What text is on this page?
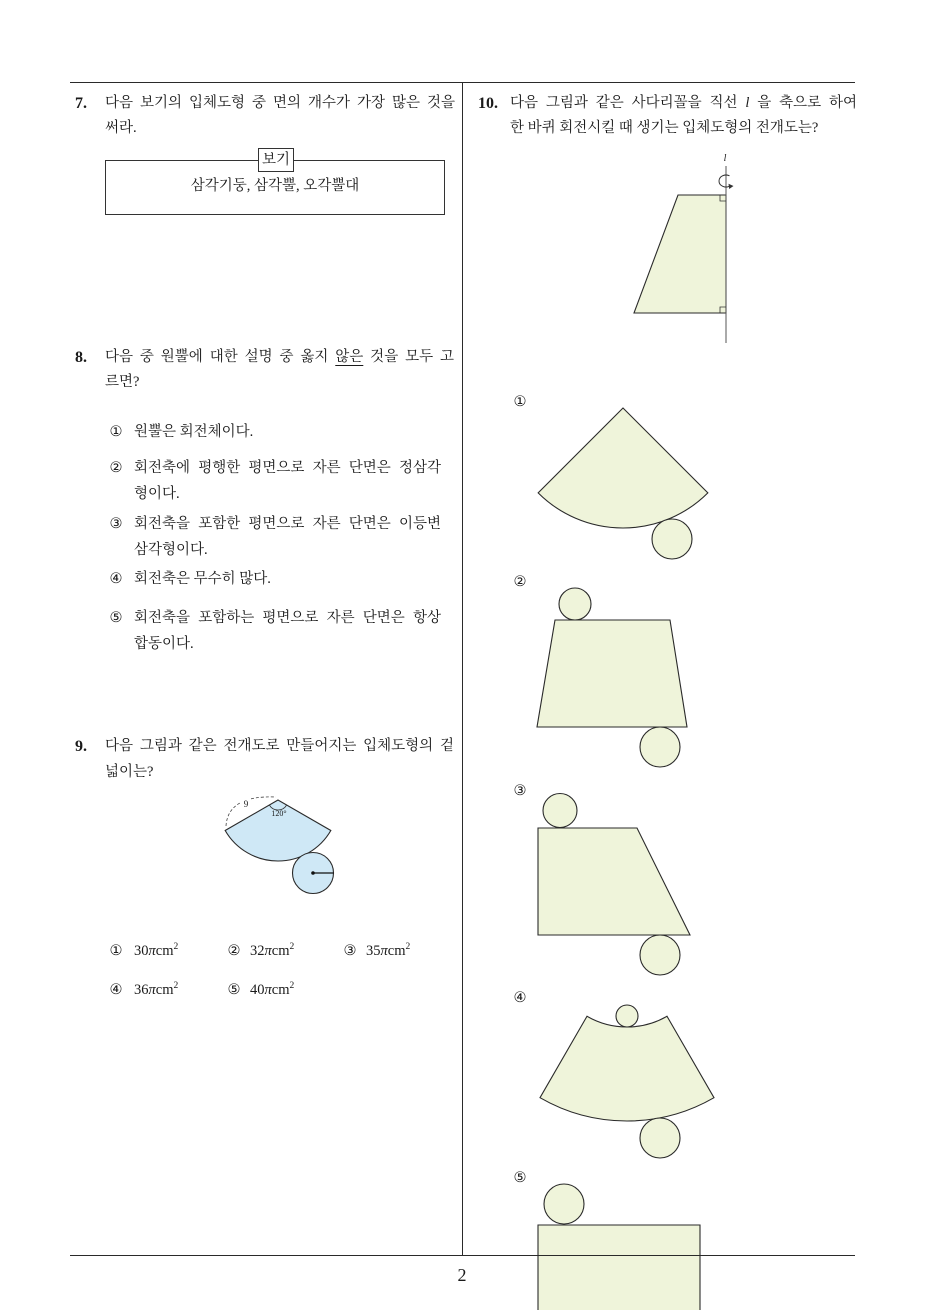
7. 다음 보기의 입체도형 중 면의 개수가 가장 많은 것을
써라.
삼각기둥, 삼각뿔, 오각뿔대
보기
8. 다음 중 원뿔에 대한 설명 중 옳지 않은 것을 모두 고
르면?
① 원뿔은 회전체이다.
② 회전축에 평행한 평면으로 자른 단면은 정삼각
형이다.
③ 회전축을 포함한 평면으로 자른 단면은 이등변
삼각형이다.
④ 회전축은 무수히 많다.
⑤ 회전축을 포함하는 평면으로 자른 단면은 항상
합동이다.
9. 다음 그림과 같은 전개도로 만들어지는 입체도형의 겉
넓이는?
① 30πcm$^2$	② 32πcm$^2$	③ 35πcm$^2$
④ 36πcm$^2$	⑤ 40πcm$^2$
10. 다음 그림과 같은 사다리꼴을 직선 l 을 축으로 하여
한 바퀴 회전시킬 때 생기는 입체도형의 전개도는?
①
②
③
④
⑤
9
120°
l
2
